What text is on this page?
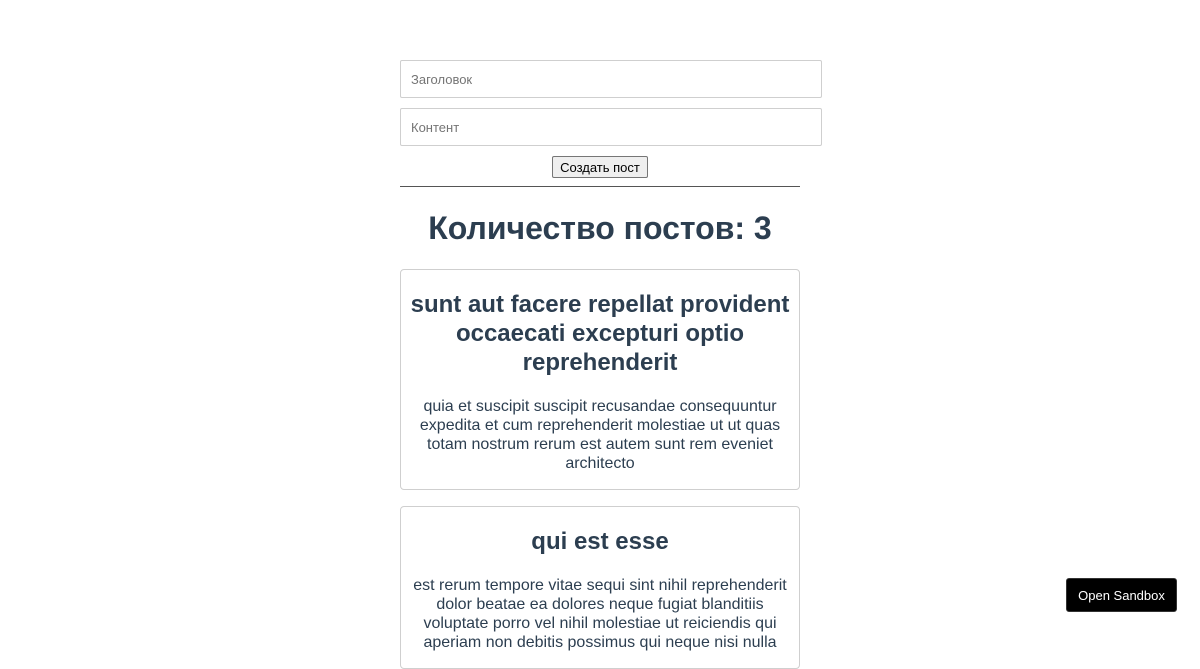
Заголовок
Контент
Создать пост
Количество постов: 3
sunt aut facere repellat provident occaecati excepturi optio reprehenderit

quia et suscipit suscipit recusandae consequuntur expedita et cum reprehenderit molestiae ut ut quas totam nostrum rerum est autem sunt rem eveniet architecto

qui est esse

est rerum tempore vitae sequi sint nihil reprehenderit dolor beatae ea dolores neque fugiat blanditiis voluptate porro vel nihil molestiae ut reiciendis qui aperiam non debitis possimus qui neque nisi nulla

Open Sandbox
